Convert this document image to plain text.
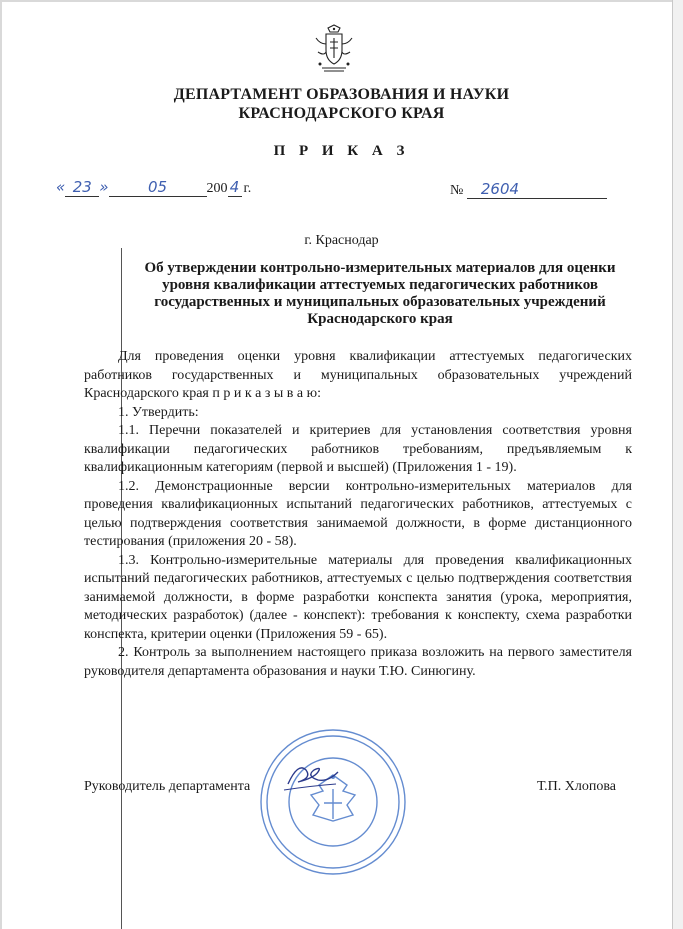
ДЕПАРТАМЕНТ ОБРАЗОВАНИЯ И НАУКИ
КРАСНОДАРСКОГО КРАЯ
П Р И К А З
« 23 »	05	200 4 г.	№ 2604
г. Краснодар
Об утверждении контрольно-измерительных материалов для оценки
уровня квалификации аттестуемых педагогических работников
государственных и муниципальных образовательных учреждений
Краснодарского края

Для проведения оценки уровня квалификации аттестуемых педагогических работников государственных и муниципальных образовательных учреждений Краснодарского края п р и к а з ы в а ю:

1. Утвердить:

1.1. Перечни показателей и критериев для установления соответствия уровня квалификации педагогических работников требованиям, предъявляемым к квалификационным категориям (первой и высшей) (Приложения 1 - 19).

1.2. Демонстрационные версии контрольно-измерительных материалов для проведения квалификационных испытаний педагогических работников, аттестуемых с целью подтверждения соответствия занимаемой должности, в форме дистанционного тестирования (приложения 20 - 58).

1.3. Контрольно-измерительные материалы для проведения квалификационных испытаний педагогических работников, аттестуемых с целью подтверждения соответствия занимаемой должности, в форме разработки конспекта занятия (урока, мероприятия, методических разработок) (далее - конспект): требования к конспекту, схема разработки конспекта, критерии оценки (Приложения 59 - 65).

2. Контроль за выполнением настоящего приказа возложить на первого заместителя руководителя департамента образования и науки Т.Ю. Синюгину.

Руководитель департамента	Т.П. Хлопова
